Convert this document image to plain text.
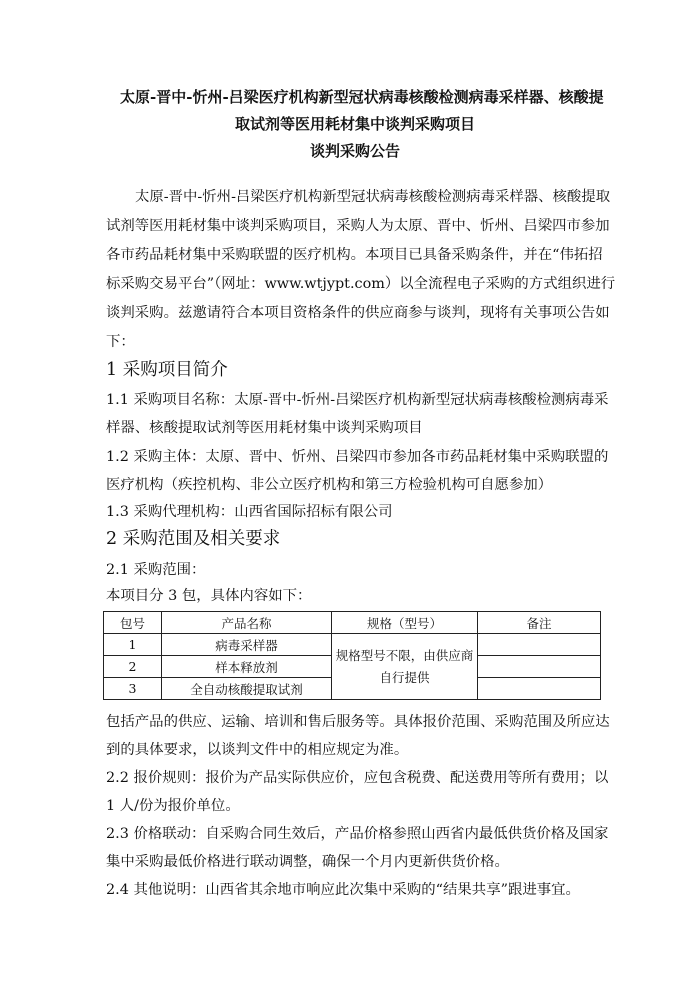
太原-晋中-忻州-吕梁医疗机构新型冠状病毒核酸检测病毒采样器、核酸提
取试剂等医用耗材集中谈判采购项目
谈判采购公告
太原-晋中-忻州-吕梁医疗机构新型冠状病毒核酸检测病毒采样器、核酸提取
试剂等医用耗材集中谈判采购项目，采购人为太原、晋中、忻州、吕梁四市参加
各市药品耗材集中采购联盟的医疗机构。本项目已具备采购条件，并在“伟拓招
标采购交易平台”（网址：www.wtjypt.com）以全流程电子采购的方式组织进行
谈判采购。兹邀请符合本项目资格条件的供应商参与谈判，现将有关事项公告如
下：
1 采购项目简介
1.1 采购项目名称：太原-晋中-忻州-吕梁医疗机构新型冠状病毒核酸检测病毒采
样器、核酸提取试剂等医用耗材集中谈判采购项目
1.2 采购主体：太原、晋中、忻州、吕梁四市参加各市药品耗材集中采购联盟的
医疗机构（疾控机构、非公立医疗机构和第三方检验机构可自愿参加）
1.3 采购代理机构：山西省国际招标有限公司
2 采购范围及相关要求
2.1 采购范围：
本项目分 3 包，具体内容如下：
包号	产品名称	规格（型号）	备注
1	病毒采样器	规格型号不限，由供应商
自行提供	

2	样本释放剂		
3	全自动核酸提取试剂		
包括产品的供应、运输、培训和售后服务等。具体报价范围、采购范围及所应达
到的具体要求，以谈判文件中的相应规定为准。
2.2 报价规则：报价为产品实际供应价，应包含税费、配送费用等所有费用；以
1 人/份为报价单位。
2.3 价格联动：自采购合同生效后，产品价格参照山西省内最低供货价格及国家
集中采购最低价格进行联动调整，确保一个月内更新供货价格。
2.4 其他说明：山西省其余地市响应此次集中采购的“结果共享”跟进事宜。
